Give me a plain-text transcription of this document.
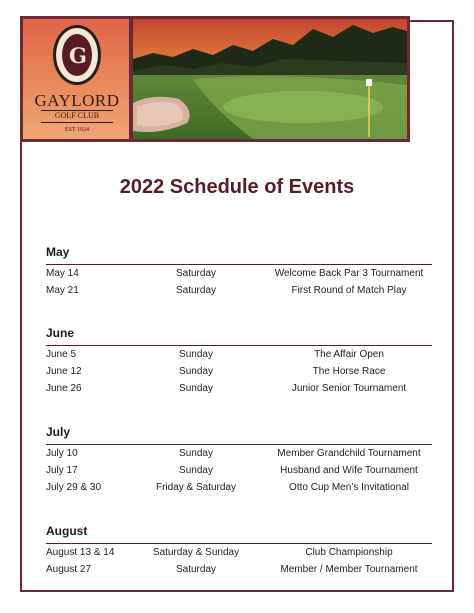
G
GAYLORD
GOLF CLUB
EST 1924
2022 Schedule of Events
May
May 14	Saturday	Welcome Back Par 3 Tournament
May 21	Saturday	First Round of Match Play
June
June 5	Sunday	The Affair Open
June 12	Sunday	The Horse Race
June 26	Sunday	Junior Senior Tournament
July
July 10	Sunday	Member Grandchild Tournament
July 17	Sunday	Husband and Wife Tournament
July 29 & 30	Friday & Saturday	Otto Cup Men’s Invitational
August
August 13 & 14	Saturday & Sunday	Club Championship
August 27	Saturday	Member / Member Tournament
